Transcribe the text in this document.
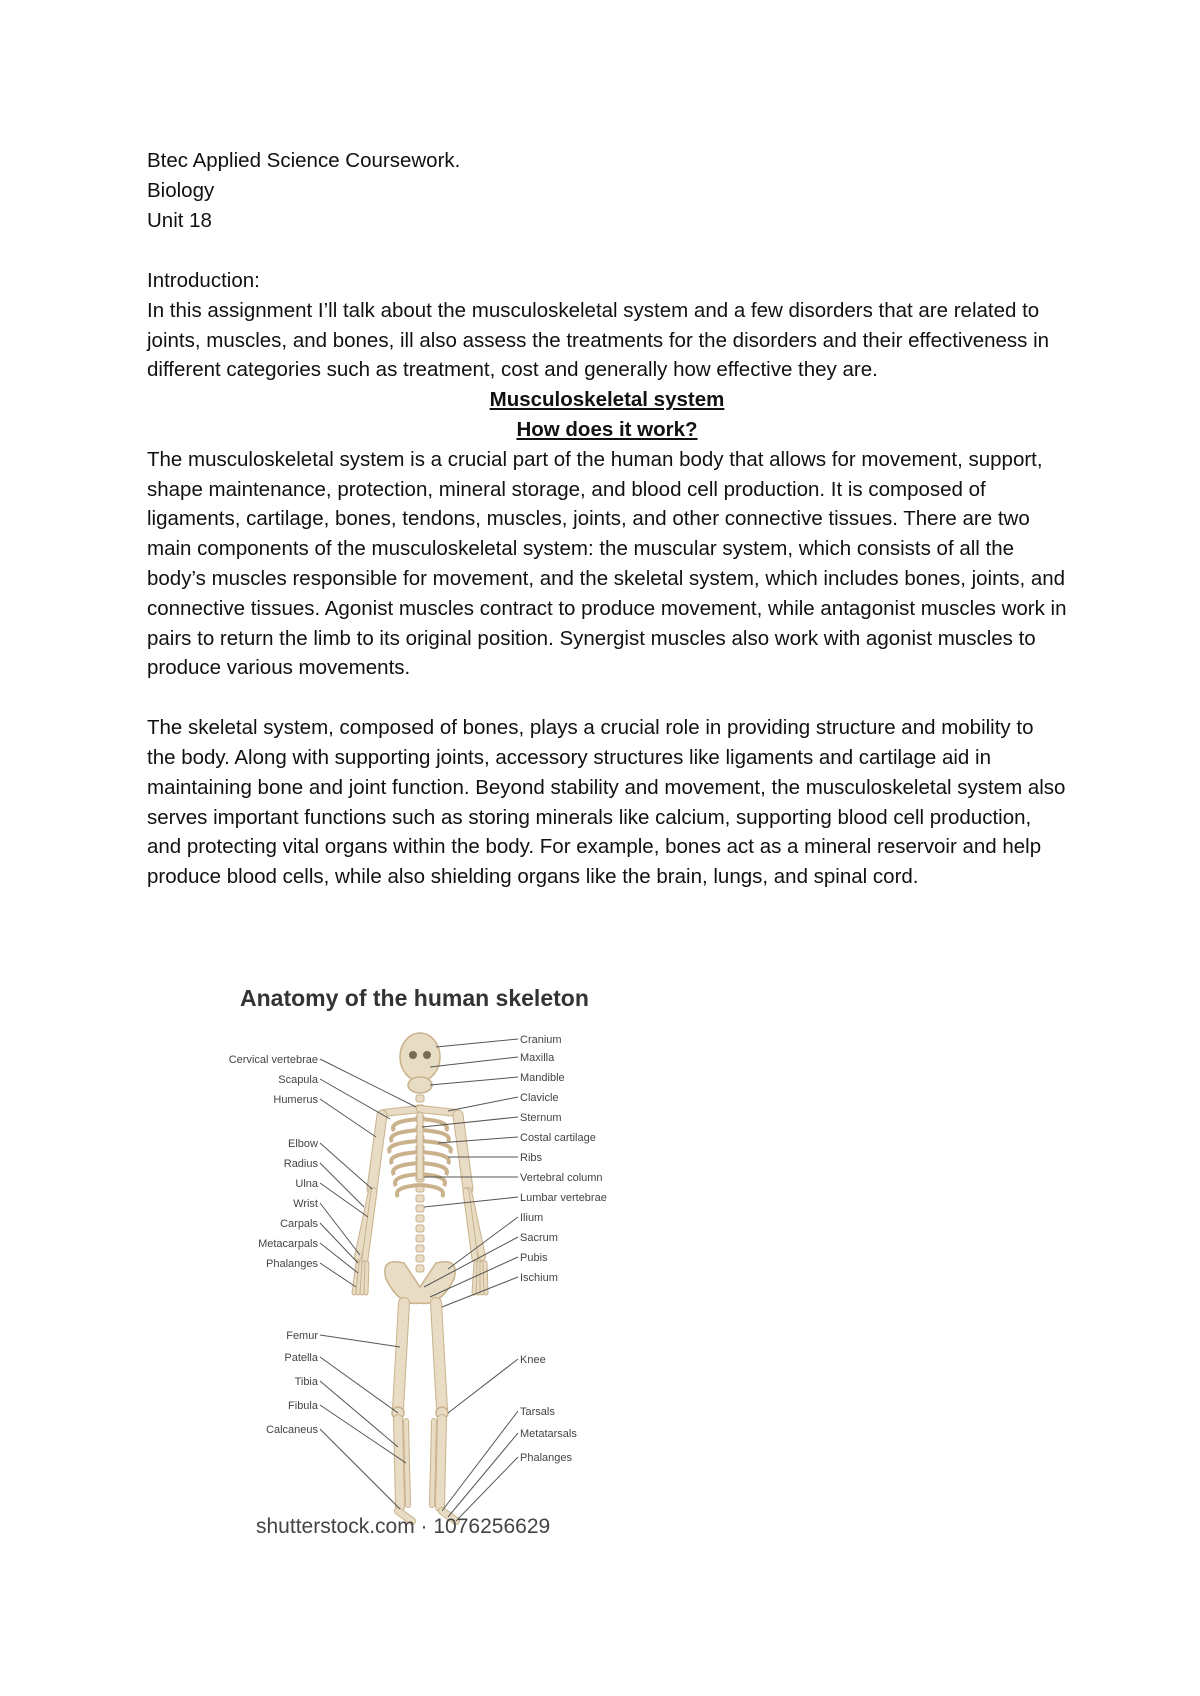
Btec Applied Science Coursework.

Biology

Unit 18

Introduction:

In this assignment I’ll talk about the musculoskeletal system and a few disorders that are related to joints, muscles, and bones, ill also assess the treatments for the disorders and their effectiveness in different categories such as treatment, cost and generally how effective they are.

Musculoskeletal system

How does it work?

The musculoskeletal system is a crucial part of the human body that allows for movement, support, shape maintenance, protection, mineral storage, and blood cell production. It is composed of ligaments, cartilage, bones, tendons, muscles, joints, and other connective tissues. There are two main components of the musculoskeletal system: the muscular system, which consists of all the body’s muscles responsible for movement, and the skeletal system, which includes bones, joints, and connective tissues. Agonist muscles contract to produce movement, while antagonist muscles work in pairs to return the limb to its original position. Synergist muscles also work with agonist muscles to produce various movements.

The skeletal system, composed of bones, plays a crucial role in providing structure and mobility to the body. Along with supporting joints, accessory structures like ligaments and cartilage aid in maintaining bone and joint function. Beyond stability and movement, the musculoskeletal system also serves important functions such as storing minerals like calcium, supporting blood cell production, and protecting vital organs within the body. For example, bones act as a mineral reservoir and help produce blood cells, while also shielding organs like the brain, lungs, and spinal cord.

Anatomy of the human skeleton
Cervical vertebrae
Scapula
Humerus
Elbow
Radius
Ulna
Wrist
Carpals
Metacarpals
Phalanges
Femur
Patella
Tibia
Fibula
Calcaneus
Cranium
Maxilla
Mandible
Clavicle
Sternum
Costal cartilage
Ribs
Vertebral column
Lumbar vertebrae
Ilium
Sacrum
Pubis
Ischium
Knee
Tarsals
Metatarsals
Phalanges
shutterstock.com · 1076256629
